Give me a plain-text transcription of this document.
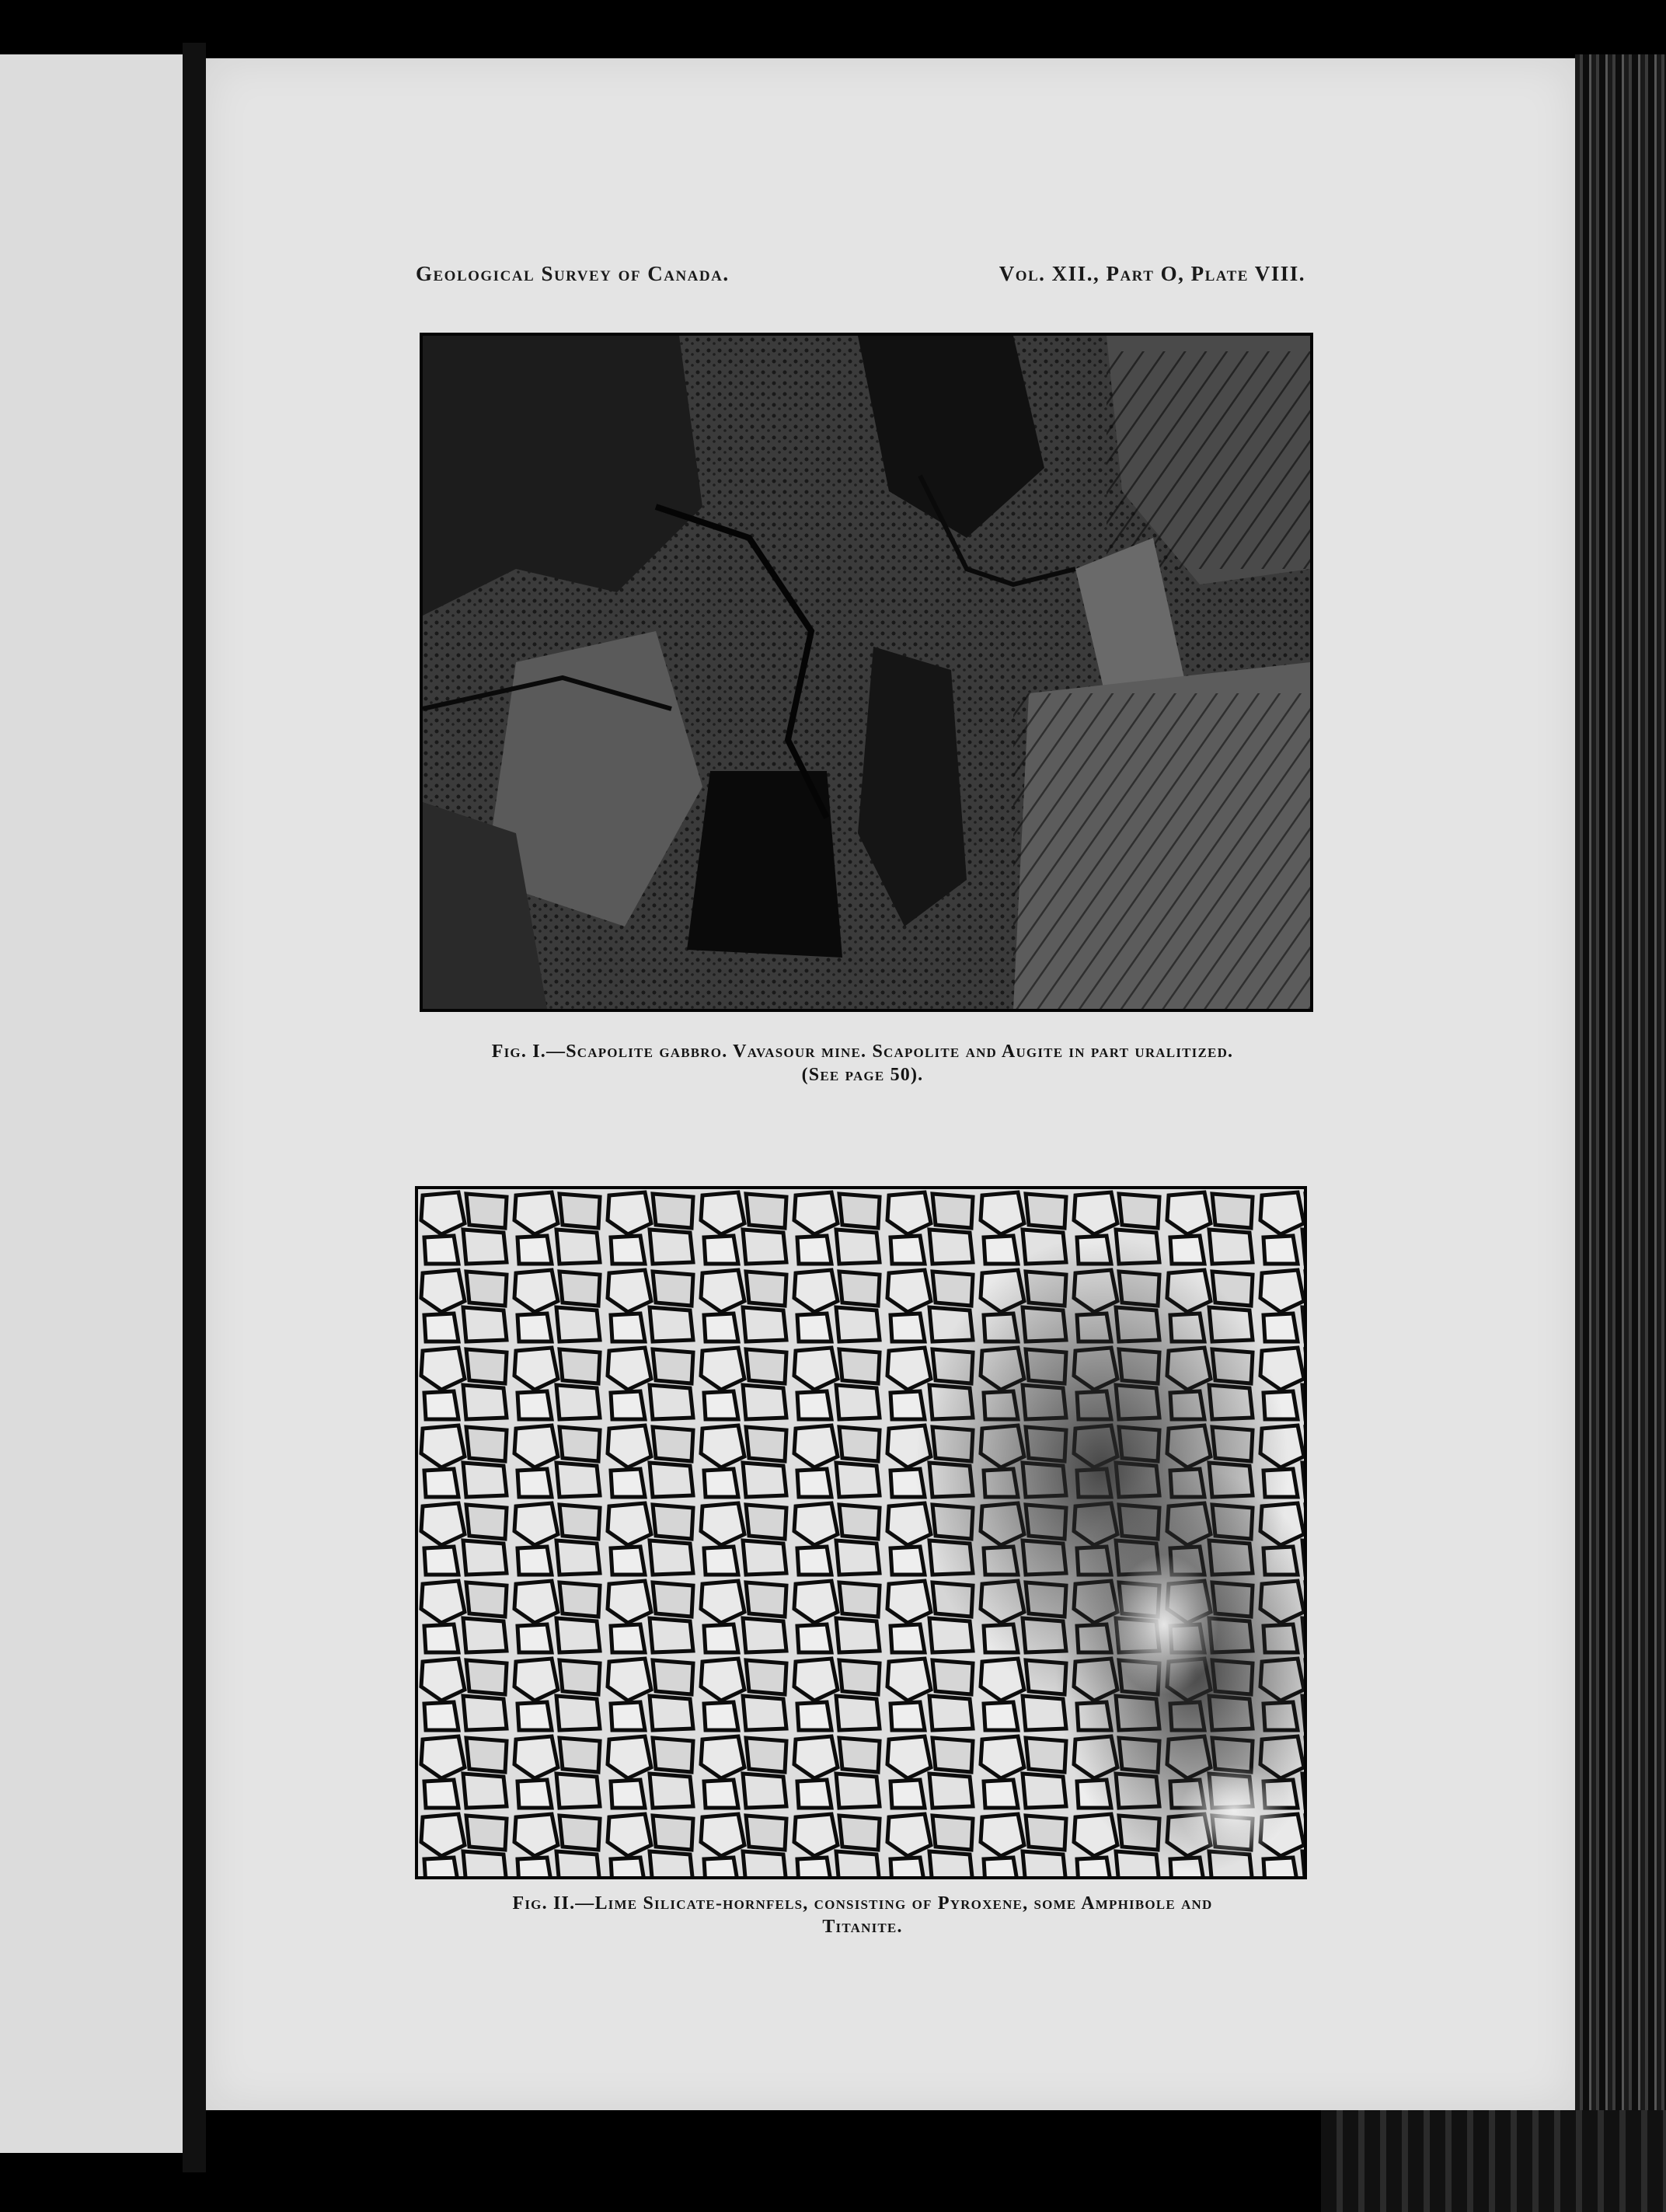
Geological Survey of Canada.	Vol. XII., Part O, Plate VIII.
Fig. I.—Scapolite gabbro. Vavasour mine. Scapolite and Augite in part uralitized.
(See page 50).
Fig. II.—Lime Silicate-hornfels, consisting of Pyroxene, some Amphibole and
Titanite.
